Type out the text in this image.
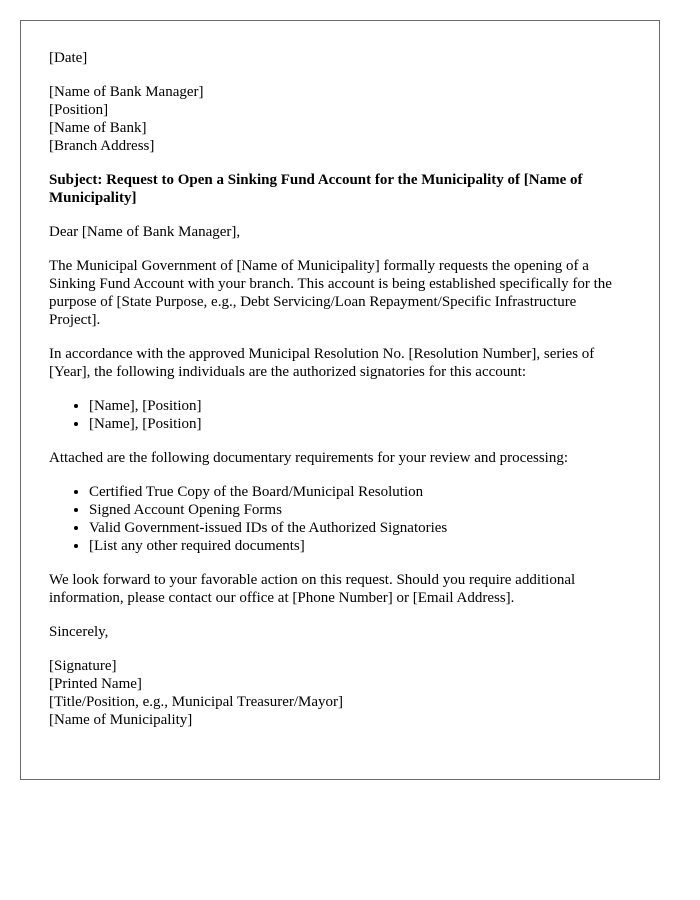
[Date]
[Name of Bank Manager]
[Position]
[Name of Bank]
[Branch Address]
Subject: Request to Open a Sinking Fund Account for the Municipality of [Name of Municipality]

Dear [Name of Bank Manager],

The Municipal Government of [Name of Municipality] formally requests the opening of a Sinking Fund Account with your branch. This account is being established specifically for the purpose of [State Purpose, e.g., Debt Servicing/Loan Repayment/Specific Infrastructure Project].

In accordance with the approved Municipal Resolution No. [Resolution Number], series of [Year], the following individuals are the authorized signatories for this account:

• [Name], [Position]
• [Name], [Position]

Attached are the following documentary requirements for your review and processing:

• Certified True Copy of the Board/Municipal Resolution
• Signed Account Opening Forms
• Valid Government-issued IDs of the Authorized Signatories
• [List any other required documents]

We look forward to your favorable action on this request. Should you require additional information, please contact our office at [Phone Number] or [Email Address].

Sincerely,

[Signature]
[Printed Name]
[Title/Position, e.g., Municipal Treasurer/Mayor]
[Name of Municipality]
